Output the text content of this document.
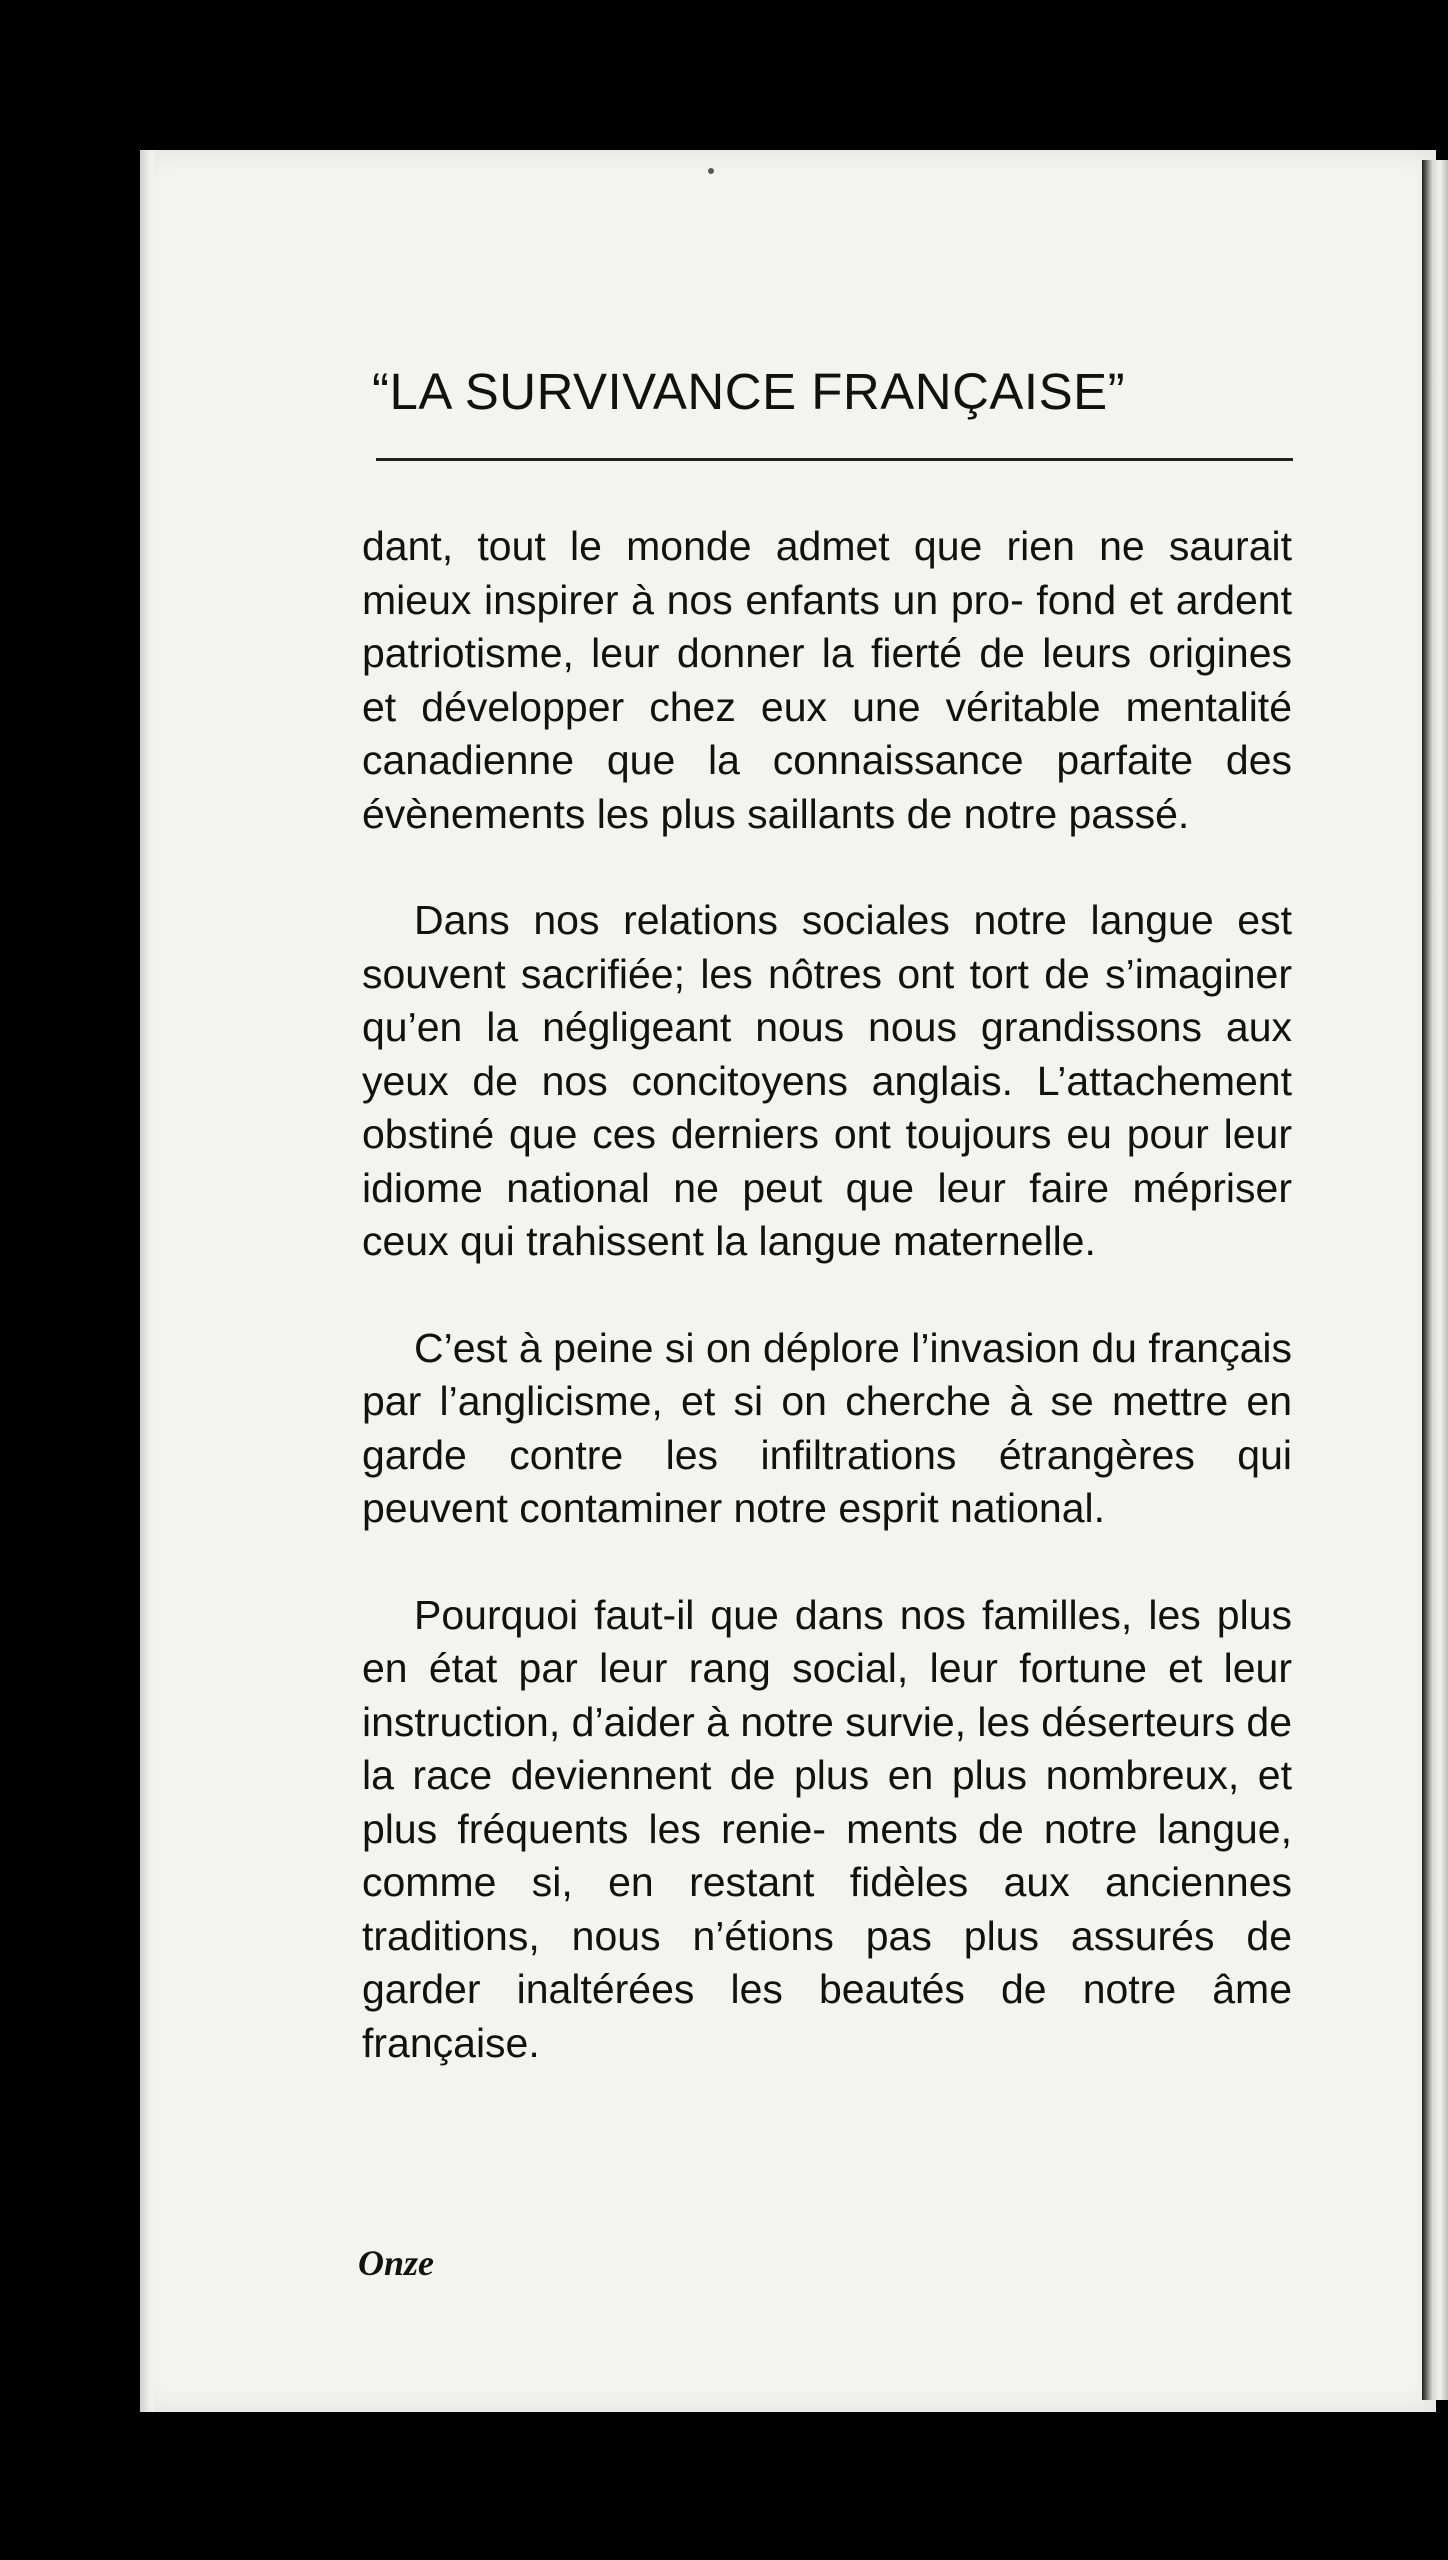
“LA SURVIVANCE FRANÇAISE”

dant, tout le monde admet que rien ne saurait mieux inspirer à nos enfants un pro- fond et ardent patriotisme, leur donner la fierté de leurs origines et développer chez eux une véritable mentalité canadienne que la connaissance parfaite des évènements les plus saillants de notre passé.

Dans nos relations sociales notre langue est souvent sacrifiée; les nôtres ont tort de s’imaginer qu’en la négligeant nous nous grandissons aux yeux de nos concitoyens anglais. L’attachement obstiné que ces derniers ont toujours eu pour leur idiome national ne peut que leur faire mépriser ceux qui trahissent la langue maternelle.

C’est à peine si on déplore l’invasion du français par l’anglicisme, et si on cherche à se mettre en garde contre les infiltrations étrangères qui peuvent contaminer notre esprit national.

Pourquoi faut-il que dans nos familles, les plus en état par leur rang social, leur fortune et leur instruction, d’aider à notre survie, les déserteurs de la race deviennent de plus en plus nombreux, et plus fréquents les renie- ments de notre langue, comme si, en restant fidèles aux anciennes traditions, nous n’étions pas plus assurés de garder inaltérées les beautés de notre âme française.

Onze
